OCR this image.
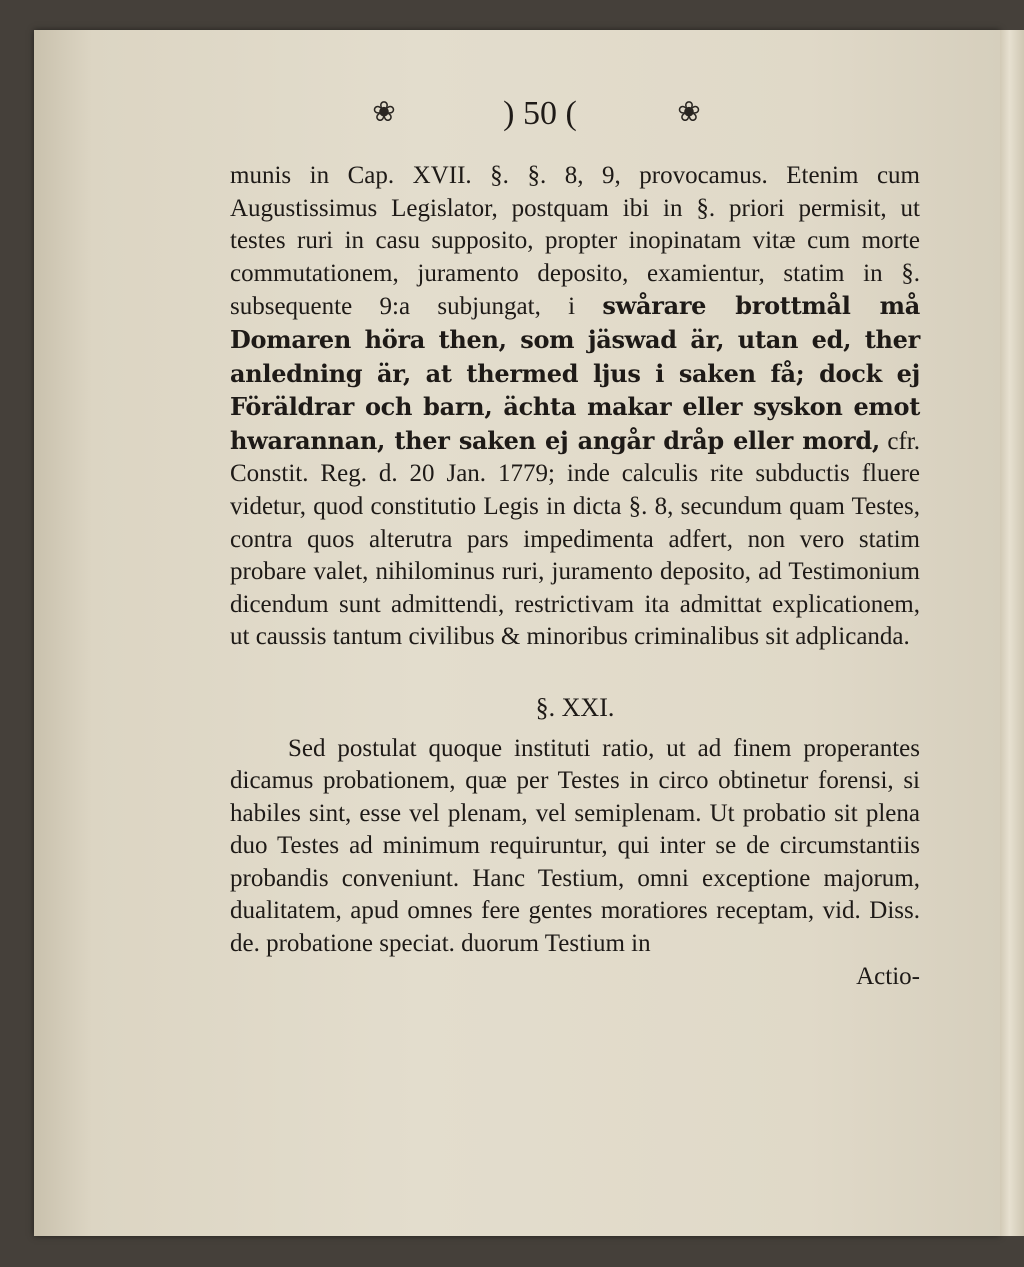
❀	) 50 (	❀

munis in Cap. XVII. §. §. 8, 9, provocamus. Etenim cum Augustissimus Legislator, postquam ibi in §. priori permisit, ut testes ruri in casu supposito, propter inopinatam vitæ cum morte commutationem, juramento deposito, examientur, statim in §. subsequente 9:a subjungat, i swårare brottmål må Domaren höra then, som jäswad är, utan ed, ther anledning är, at thermed ljus i saken få; dock ej Föräldrar och barn, ächta makar eller syskon emot hwarannan, ther saken ej angår dråp eller mord, cfr. Constit. Reg. d. 20 Jan. 1779; inde calculis rite subductis fluere videtur, quod constitutio Legis in dicta §. 8, secundum quam Testes, contra quos alterutra pars impedimenta adfert, non vero statim probare valet, nihilominus ruri, juramento deposito, ad Testimonium dicendum sunt admittendi, restrictivam ita admittat explicationem, ut caussis tantum civilibus & minoribus criminalibus sit adplicanda.

§. XXI.

Sed postulat quoque instituti ratio, ut ad finem properantes dicamus probationem, quæ per Testes in circo obtinetur forensi, si habiles sint, esse vel plenam, vel semiplenam. Ut probatio sit plena duo Testes ad minimum requiruntur, qui inter se de circumstantiis probandis conveniunt. Hanc Testium, omni exceptione majorum, dualitatem, apud omnes fere gentes moratiores receptam, vid. Diss. de. probatione speciat. duorum Testium in

Actio-
